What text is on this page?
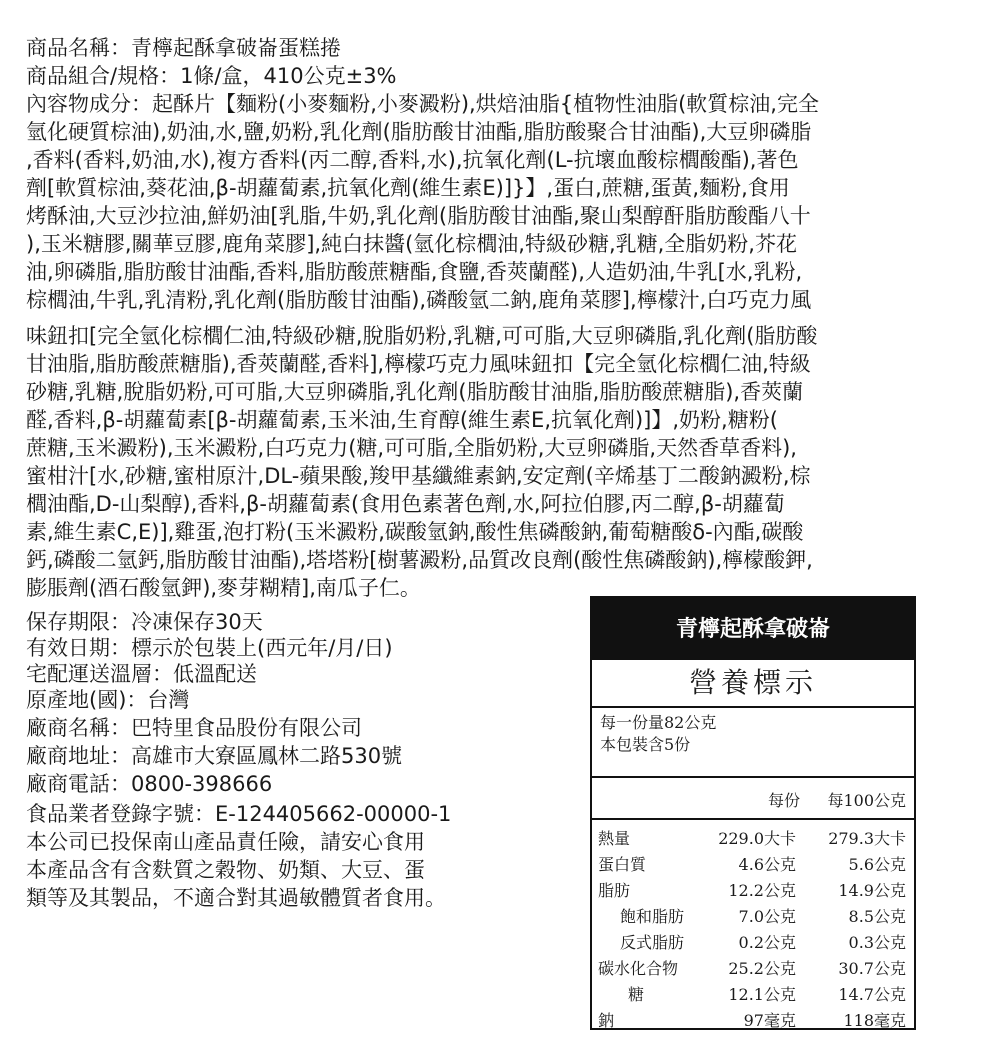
商品名稱：青檸起酥拿破崙蛋糕捲
商品組合/規格：1條/盒，410公克±3%
內容物成分：起酥片【麵粉(小麥麵粉,小麥澱粉),烘焙油脂{植物性油脂(軟質棕油,完全
氫化硬質棕油),奶油,水,鹽,奶粉,乳化劑(脂肪酸甘油酯,脂肪酸聚合甘油酯),大豆卵磷脂
,香料(香料,奶油,水),複方香料(丙二醇,香料,水),抗氧化劑(L-抗壞血酸棕櫚酸酯),著色
劑[軟質棕油,葵花油,β-胡蘿蔔素,抗氧化劑(維生素E)]}】,蛋白,蔗糖,蛋黃,麵粉,食用
烤酥油,大豆沙拉油,鮮奶油[乳脂,牛奶,乳化劑(脂肪酸甘油酯,聚山梨醇酐脂肪酸酯八十
),玉米糖膠,關華豆膠,鹿角菜膠],純白抹醬(氫化棕櫚油,特級砂糖,乳糖,全脂奶粉,芥花
油,卵磷脂,脂肪酸甘油酯,香料,脂肪酸蔗糖酯,食鹽,香莢蘭醛),人造奶油,牛乳[水,乳粉,
棕櫚油,牛乳,乳清粉,乳化劑(脂肪酸甘油酯),磷酸氫二鈉,鹿角菜膠],檸檬汁,白巧克力風
味鈕扣[完全氫化棕櫚仁油,特級砂糖,脫脂奶粉,乳糖,可可脂,大豆卵磷脂,乳化劑(脂肪酸
甘油脂,脂肪酸蔗糖脂),香莢蘭醛,香料],檸檬巧克力風味鈕扣【完全氫化棕櫚仁油,特級
砂糖,乳糖,脫脂奶粉,可可脂,大豆卵磷脂,乳化劑(脂肪酸甘油脂,脂肪酸蔗糖脂),香莢蘭
醛,香料,β-胡蘿蔔素[β-胡蘿蔔素,玉米油,生育醇(維生素E,抗氧化劑)]】,奶粉,糖粉(
蔗糖,玉米澱粉),玉米澱粉,白巧克力(糖,可可脂,全脂奶粉,大豆卵磷脂,天然香草香料),
蜜柑汁[水,砂糖,蜜柑原汁,DL-蘋果酸,羧甲基纖維素鈉,安定劑(辛烯基丁二酸鈉澱粉,棕
櫚油酯,D-山梨醇),香料,β-胡蘿蔔素(食用色素著色劑,水,阿拉伯膠,丙二醇,β-胡蘿蔔
素,維生素C,E)],雞蛋,泡打粉(玉米澱粉,碳酸氫鈉,酸性焦磷酸鈉,葡萄糖酸δ-內酯,碳酸
鈣,磷酸二氫鈣,脂肪酸甘油酯),塔塔粉[樹薯澱粉,品質改良劑(酸性焦磷酸鈉),檸檬酸鉀,
膨脹劑(酒石酸氫鉀),麥芽糊精],南瓜子仁。
保存期限：冷凍保存30天
有效日期：標示於包裝上(西元年/月/日)
宅配運送溫層：低溫配送
原產地(國)：台灣
廠商名稱：巴特里食品股份有限公司
廠商地址：高雄市大寮區鳳林二路530號
廠商電話：0800-398666
食品業者登錄字號：E-124405662-00000-1
本公司已投保南山產品責任險，請安心食用
本產品含有含麩質之穀物、奶類、大豆、蛋
類等及其製品，不適合對其過敏體質者食用。
青檸起酥拿破崙
營養標示
每一份量82公克
本包裝含5份
每份 每100公克
熱量	229.0大卡 279.3大卡
蛋白質	4.6公克	5.6公克
脂肪	12.2公克	14.9公克
飽和脂肪	7.0公克	8.5公克
反式脂肪	0.2公克	0.3公克
碳水化合物	25.2公克	30.7公克
糖	12.1公克	14.7公克
鈉	97毫克	118毫克
